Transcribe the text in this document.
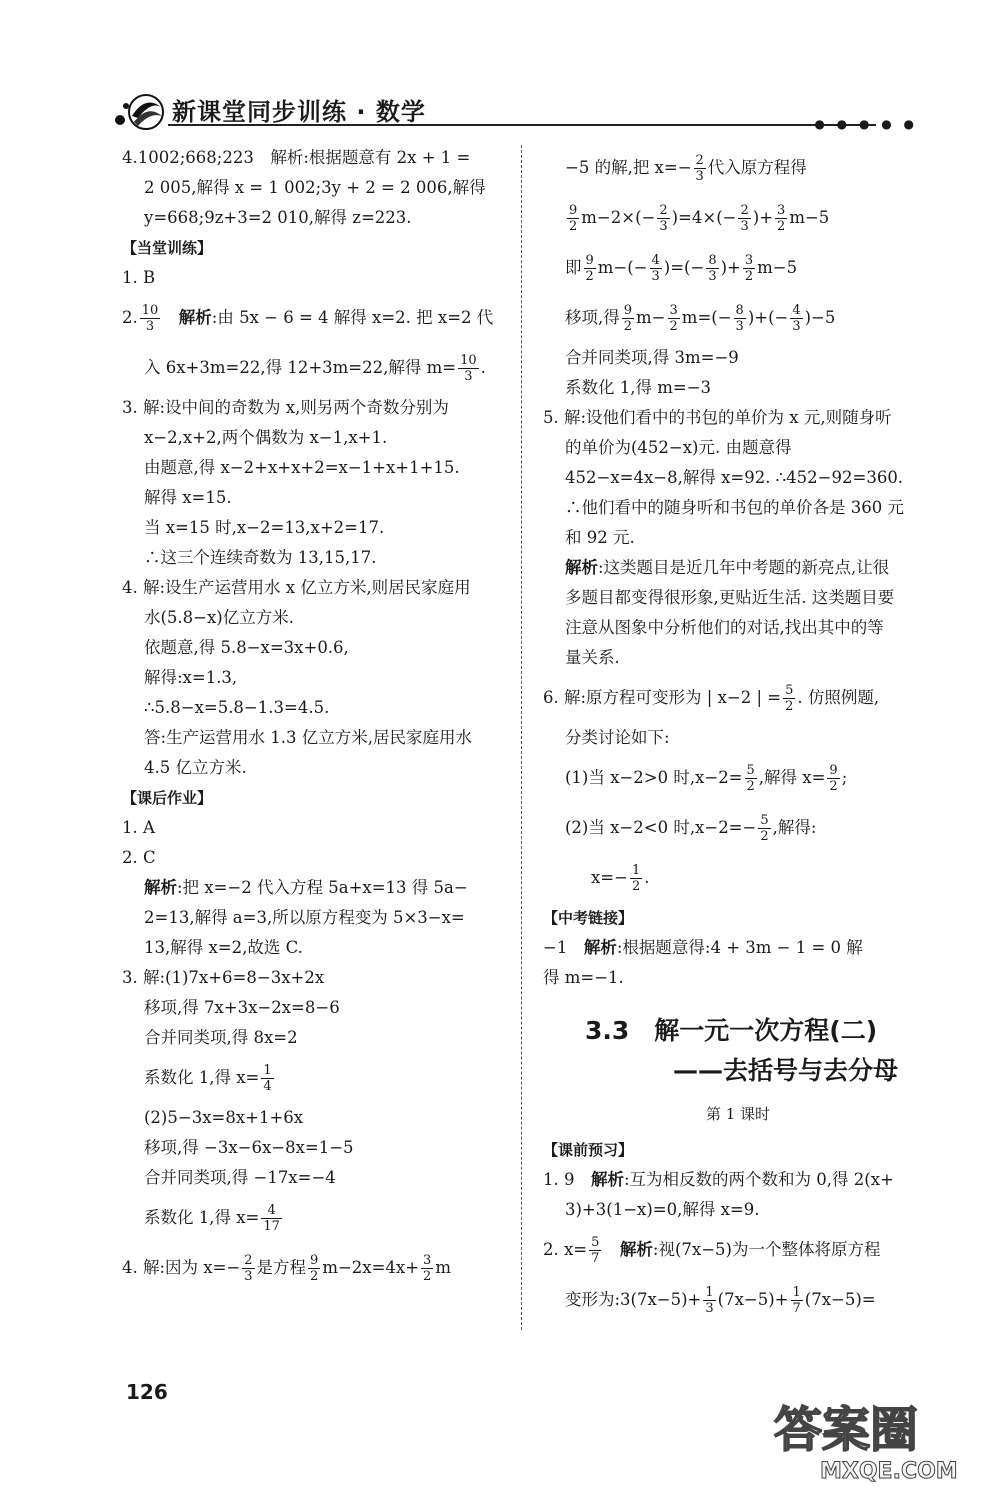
新课堂同步训练 · 数学	● ● ● ● ●
4.1002;668;223　解析:根据题意有 2x + 1 =
2 005,解得 x = 1 002;3y + 2 = 2 006,解得
y=668;9z+3=2 010,解得 z=223.
【当堂训练】
1. B
2. $\frac{10}{3}$
　 解析:由 5x − 6 = 4 解得 x=2. 把 x=2 代
入 6x+3m=22,得 12+3m=22,解得 $m= \frac{10}{3}$ .
3. 解:设中间的奇数为 x,则另两个奇数分别为
x−2,x+2,两个偶数为 x−1,x+1.
由题意,得 x−2+x+x+2=x−1+x+1+15.
解得 x=15.
当 x=15 时,x−2=13,x+2=17.
∴这三个连续奇数为 13,15,17.
4. 解:设生产运营用水 x 亿立方米,则居民家庭用
水(5.8−x)亿立方米.
依题意,得 5.8−x=3x+0.6,
解得:x=1.3,
∴5.8−x=5.8−1.3=4.5.
答:生产运营用水 1.3 亿立方米,居民家庭用水
4.5 亿立方米.
【课后作业】
1. A
2. C
解析:把 x=−2 代入方程 5a+x=13 得 5a−
2=13,解得 a=3,所以原方程变为 5×3−x=
13,解得 x=2,故选 C.
3. 解:(1)7x+6=8−3x+2x
移项,得 7x+3x−2x=8−6
合并同类项,得 8x=2
系数化 1,得 $x= \frac{1}{4}$
(2)5−3x=8x+1+6x
移项,得 −3x−6x−8x=1−5
合并同类项,得 −17x=−4
系数化 1,得 $x= \frac{4}{17}$
4. 解:因为 $x=- \frac{2}{3}$ 是方程 $\frac{9}{2} m-2x=4x+ \frac{3}{2}$ m
−5 的解,把 $x=- \frac{2}{3}$ 代入原方程得
$\frac{9}{2} m-2\times(- \frac{2}{3} )=4\times(- \frac{2}{3}$ )+ $\frac{3}{2} m-5$
即 $\frac{9}{2} m-(- \frac{4}{3}$ )=(− $\frac{8}{3}$ )+ $\frac{3}{2} m-5$
移项,得 $\frac{9}{2} m- \frac{3}{2} m=(- \frac{8}{3}$ )+(− $\frac{4}{3} )-5$
合并同类项,得 3m=−9
系数化 1,得 m=−3
5. 解:设他们看中的书包的单价为 x 元,则随身听
的单价为(452−x)元. 由题意得
452−x=4x−8,解得 x=92. ∴452−92=360.
∴他们看中的随身听和书包的单价各是 360 元
和 92 元.
解析:这类题目是近几年中考题的新亮点,让很
多题目都变得很形象,更贴近生活. 这类题目要
注意从图象中分析他们的对话,找出其中的等
量关系.
6. 解:原方程可变形为 | x−2 | = $\frac{5}{2}$ . 仿照例题,
分类讨论如下:
(1)当 x−2>0 时$,x-2= \frac{5}{2}$ ,解得 $x= \frac{9}{2}$ ;
(2)当 x−2<0 时$,x-2=- \frac{5}{2}$ ,解得:
$x=- \frac{1}{2}$ .
【中考链接】
−1　解析:根据题意得:4 + 3m − 1 = 0 解
得 m=−1.
3.3　解一元一次方程(二)
——去括号与去分母
第 1 课时
【课前预习】
1. 9　解析:互为相反数的两个数和为 0,得 2(x+
3)+3(1−x)=0,解得 x=9.
2. $x= \frac{5}{7}$
　 解析:视(7x−5)为一个整体将原方程
变形为:3(7x−5)+ $\frac{1}{3} (7x-5)+ \frac{1}{7} (7x-5)=$
126
答案圈
MXQE.COM
